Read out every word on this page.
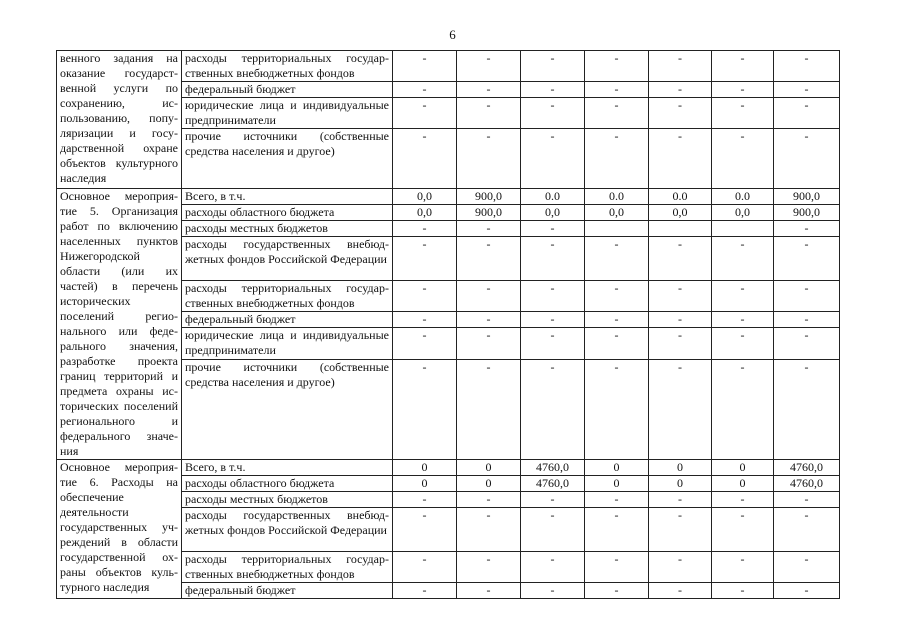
6
венного задания на оказание государственной услуги по сохранению, использованию, популяризации и государственной охране объектов культурного наследия	расходы территориальных государственных внебюджетных фондов	-	-	-	-	-	-	-
	федеральный бюджет	-	-	-	-	-	-	-
	юридические лица и индивидуальные предприниматели	-	-	-	-	-	-	-
	прочие источники (собственные средства населения и другое)	-	-	-	-	-	-	-

Основное мероприятие 5. Организация работ по включению населенных пунктов Нижегородской области (или их частей) в перечень исторических поселений регионального или федерального значения, разработке проекта границ территорий и предмета охраны исторических поселений регионального и федерального значения	Всего, в т.ч.	0,0	900,0	0.0	0.0	0.0	0.0	900,0
	расходы областного бюджета	0,0	900,0	0,0	0,0	0,0	0,0	900,0
	расходы местных бюджетов	-	-	-				-
	расходы государственных внебюджетных фондов Российской Федерации	-	-	-	-	-	-	-
	расходы территориальных государственных внебюджетных фондов	-	-	-	-	-	-	-
	федеральный бюджет	-	-	-	-	-	-	-
	юридические лица и индивидуальные предприниматели	-	-	-	-	-	-	-
	прочие источники (собственные средства населения и другое)	-	-	-	-	-	-	-

Основное мероприятие 6. Расходы на обеспечение деятельности государственных учреждений в области государственной охраны объектов культурного наследия	Всего, в т.ч.	0	0	4760,0	0	0	0	4760,0
	расходы областного бюджета	0	0	4760,0	0	0	0	4760,0
	расходы местных бюджетов	-	-	-	-	-	-	-
	расходы государственных внебюджетных фондов Российской Федерации	-	-	-	-	-	-	-
	расходы территориальных государственных внебюджетных фондов	-	-	-	-	-	-	-
	федеральный бюджет	-	-	-	-	-	-	-
